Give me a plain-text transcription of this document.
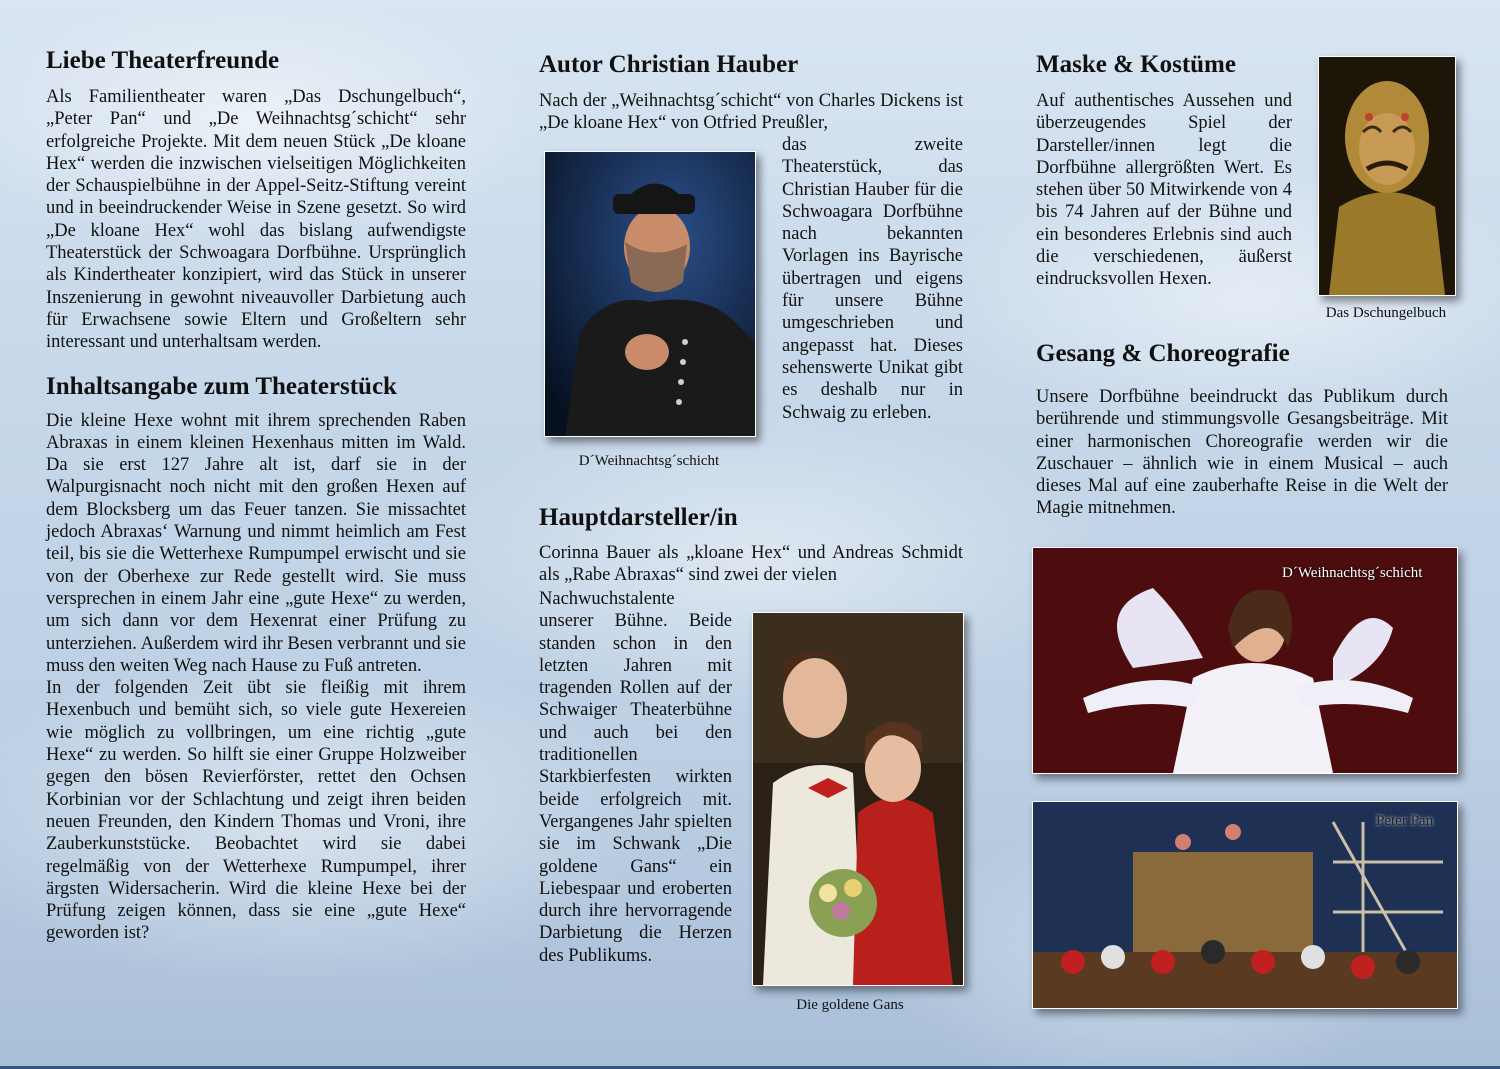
Liebe Theaterfreunde

Als Familientheater waren „Das Dschungelbuch“, „Peter Pan“ und „De Weihnachtsg´schicht“ sehr erfolgreiche Projekte. Mit dem neuen Stück „De kloane Hex“ werden die inzwischen vielseitigen Möglichkeiten der Schauspielbühne in der Appel-Seitz-Stiftung vereint und in beeindruckender Weise in Szene gesetzt. So wird „De kloane Hex“ wohl das bislang aufwendigste Theaterstück der Schwoagara Dorfbühne. Ursprünglich als Kindertheater konzipiert, wird das Stück in unserer Inszenierung in gewohnt niveauvoller Darbietung auch für Erwachsene sowie Eltern und Großeltern sehr interessant und unterhaltsam werden.

Inhaltsangabe zum Theaterstück

Die kleine Hexe wohnt mit ihrem sprechenden Raben Abraxas in einem kleinen Hexenhaus mitten im Wald. Da sie erst 127 Jahre alt ist, darf sie in der Walpurgisnacht noch nicht mit den großen Hexen auf dem Blocksberg um das Feuer tanzen. Sie missachtet jedoch Abraxas‘ Warnung und nimmt heimlich am Fest teil, bis sie die Wetterhexe Rumpumpel erwischt und sie von der Oberhexe zur Rede gestellt wird. Sie muss versprechen in einem Jahr eine „gute Hexe“ zu werden, um sich dann vor dem Hexenrat einer Prüfung zu unterziehen. Außerdem wird ihr Besen verbrannt und sie muss den weiten Weg nach Hause zu Fuß antreten.

In der folgenden Zeit übt sie fleißig mit ihrem Hexenbuch und bemüht sich, so viele gute Hexereien wie möglich zu vollbringen, um eine richtig „gute Hexe“ zu werden. So hilft sie einer Gruppe Holzweiber gegen den bösen Revierförster, rettet den Ochsen Korbinian vor der Schlachtung und zeigt ihren beiden neuen Freunden, den Kindern Thomas und Vroni, ihre Zauberkunststücke. Beobachtet wird sie dabei regelmäßig von der Wetterhexe Rumpumpel, ihrer ärgsten Widersacherin. Wird die kleine Hexe bei der Prüfung zeigen können, dass sie eine „gute Hexe“ geworden ist?

Autor Christian Hauber

Nach der „Weihnachtsg´schicht“ von Charles Dickens ist „De kloane Hex“ von Otfried Preußler,

D´Weihnachtsg´schicht

das zweite Theaterstück, das Christian Hauber für die Schwoagara Dorfbühne nach bekannten Vorlagen ins Bayrische übertragen und eigens für unsere Bühne umgeschrieben und angepasst hat. Dieses sehenswerte Unikat gibt es deshalb nur in Schwaig zu erleben.

Hauptdarsteller/in

Corinna Bauer als „kloane Hex“ und Andreas Schmidt als „Rabe Abraxas“ sind zwei der vielen

Nachwuchstalente unserer Bühne. Beide standen schon in den letzten Jahren mit tragenden Rollen auf der Schwaiger Theaterbühne und auch bei den traditionellen Starkbierfesten wirkten beide erfolgreich mit. Vergangenes Jahr spielten sie im Schwank „Die goldene Gans“ ein Liebespaar und eroberten durch ihre hervorragende Darbietung die Herzen des Publikums.

Die goldene Gans
Maske & Kostüme

Auf authentisches Aussehen und überzeugendes Spiel der Darsteller/innen legt die Dorfbühne allergrößten Wert. Es stehen über 50 Mitwirkende von 4 bis 74 Jahren auf der Bühne und ein besonderes Erlebnis sind auch die verschiedenen, äußerst eindrucksvollen Hexen.

Das Dschungelbuch
Gesang & Choreografie

Unsere Dorfbühne beeindruckt das Publikum durch berührende und stimmungsvolle Gesangsbeiträge. Mit einer harmonischen Choreografie werden wir die Zuschauer – ähnlich wie in einem Musical – auch dieses Mal auf eine zauberhafte Reise in die Welt der Magie mitnehmen.

D´Weihnachtsg´schicht
Peter Pan
